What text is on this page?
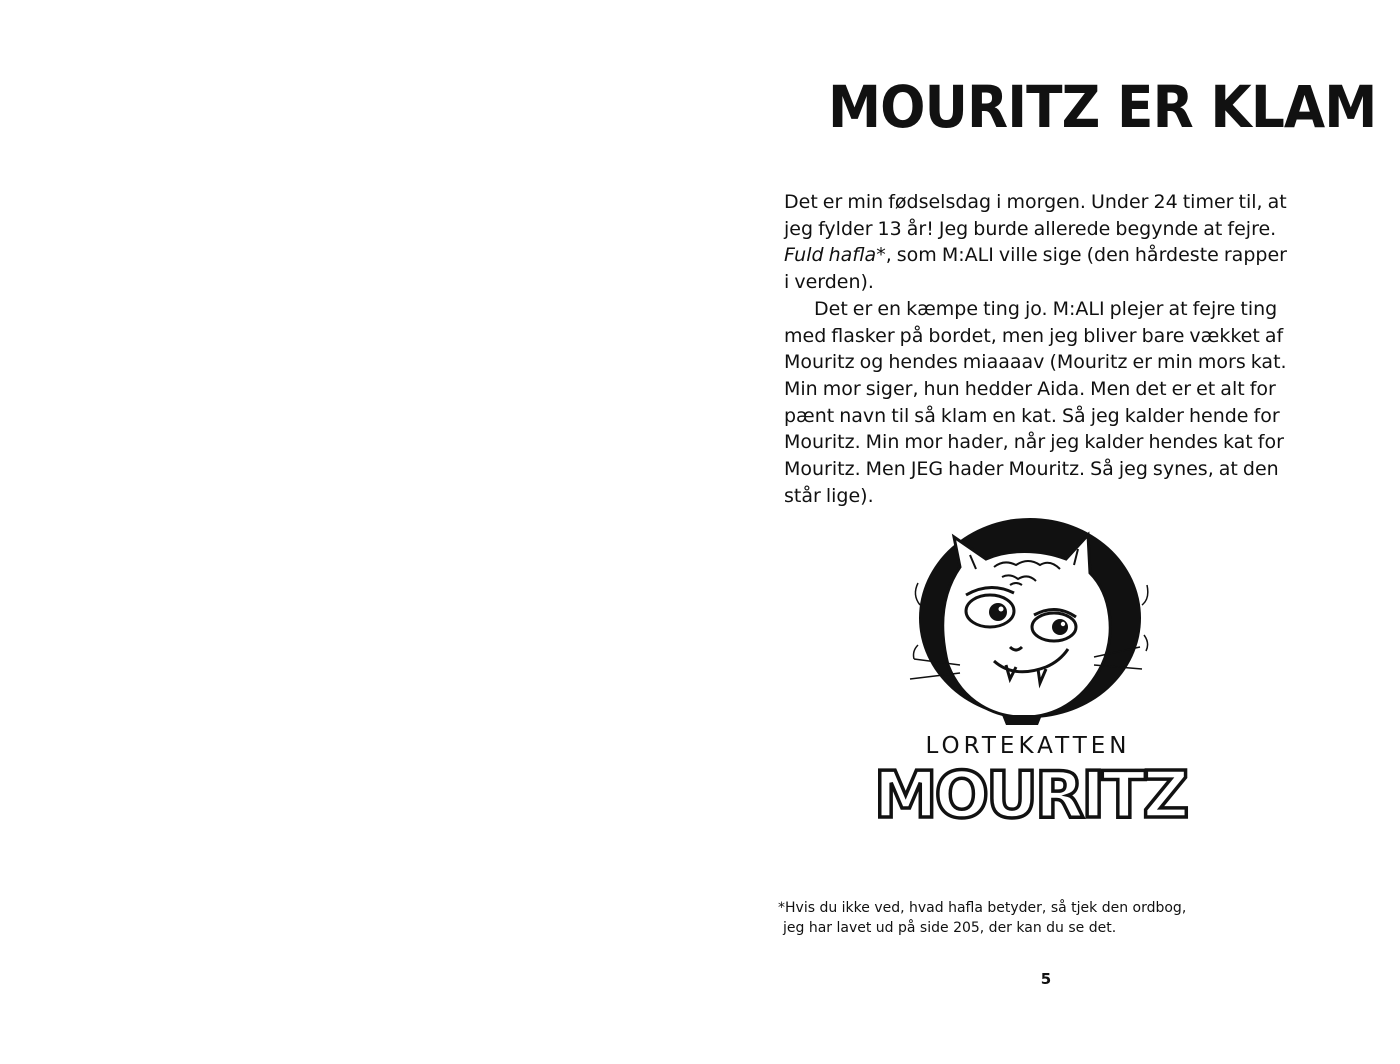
MOURITZ ER KLAM

Det er min fødselsdag i morgen. Under 24 timer til, at jeg fylder 13 år! Jeg burde allerede begynde at fejre. Fuld hafla*, som M:ALI ville sige (den hårdeste rapper i verden).

Det er en kæmpe ting jo. M:ALI plejer at fejre ting med flasker på bordet, men jeg bliver bare vækket af Mouritz og hendes miaaaav (Mouritz er min mors kat. Min mor siger, hun hedder Aida. Men det er et alt for pænt navn til så klam en kat. Så jeg kalder hende for Mouritz. Min mor hader, når jeg kalder hendes kat for Mouritz. Men JEG hader Mouritz. Så jeg synes, at den står lige).

LORTEKATTEN
MOURITZ
*Hvis du ikke ved, hvad hafla betyder, så tjek den ordbog,
jeg har lavet ud på side 205, der kan du se det.
5
